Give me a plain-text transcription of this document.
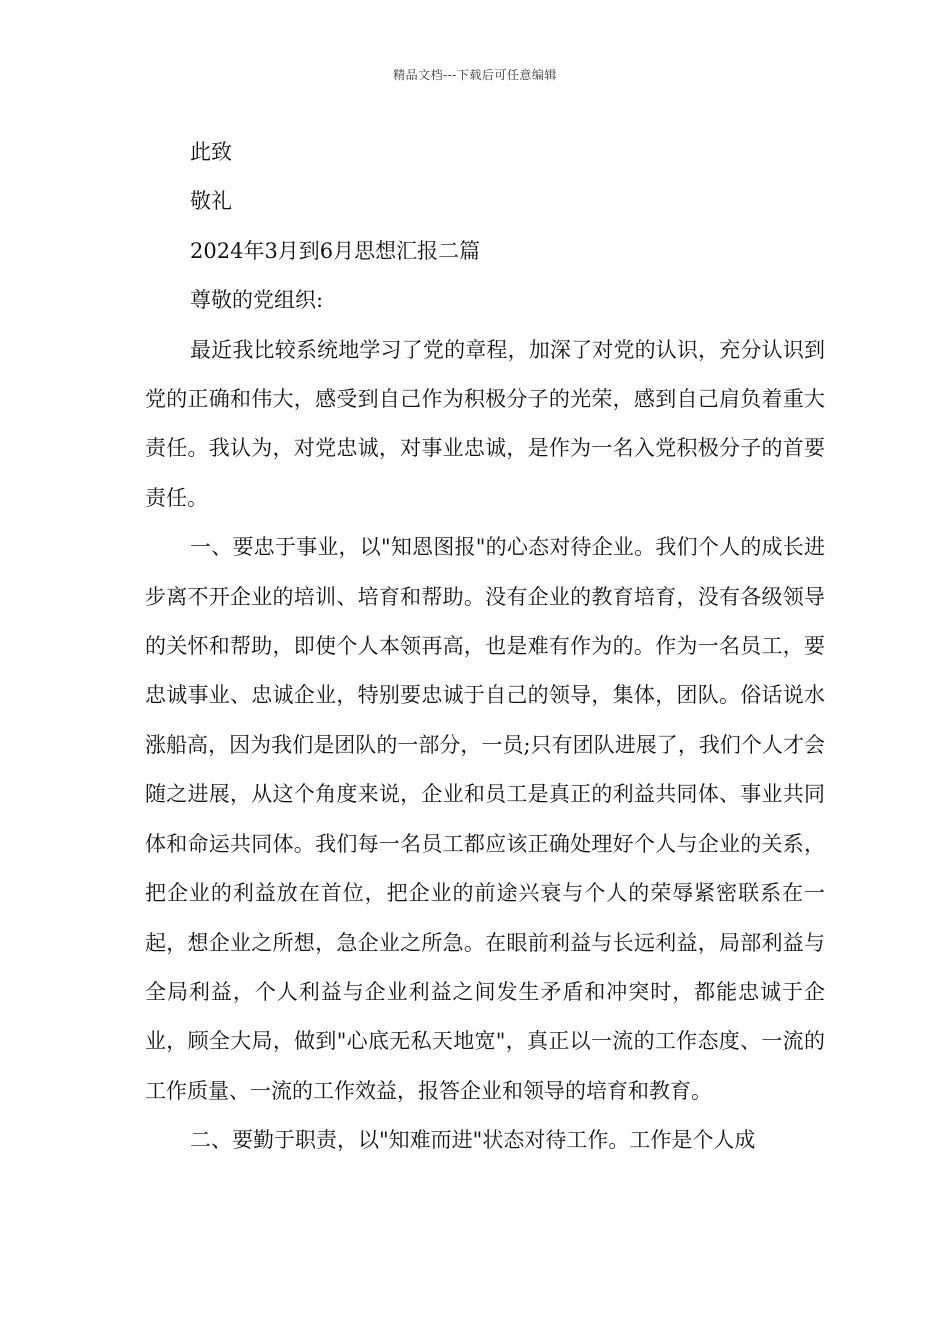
精品文档---下载后可任意编辑

此致

敬礼

2024年3月到6月思想汇报二篇

尊敬的党组织:

最近我比较系统地学习了党的章程，加深了对党的认识，充分认识到党的正确和伟大，感受到自己作为积极分子的光荣，感到自己肩负着重大责任。我认为，对党忠诚，对事业忠诚，是作为一名入党积极分子的首要责任。

一、要忠于事业，以"知恩图报"的心态对待企业。我们个人的成长进步离不开企业的培训、培育和帮助。没有企业的教育培育，没有各级领导的关怀和帮助，即使个人本领再高，也是难有作为的。作为一名员工，要忠诚事业、忠诚企业，特别要忠诚于自己的领导，集体，团队。俗话说水涨船高，因为我们是团队的一部分，一员;只有团队进展了，我们个人才会随之进展，从这个角度来说，企业和员工是真正的利益共同体、事业共同体和命运共同体。我们每一名员工都应该正确处理好个人与企业的关系，把企业的利益放在首位，把企业的前途兴衰与个人的荣辱紧密联系在一起，想企业之所想，急企业之所急。在眼前利益与长远利益，局部利益与全局利益，个人利益与企业利益之间发生矛盾和冲突时，都能忠诚于企业，顾全大局，做到"心底无私天地宽"，真正以一流的工作态度、一流的工作质量、一流的工作效益，报答企业和领导的培育和教育。

二、要勤于职责，以"知难而进"状态对待工作。工作是个人成
